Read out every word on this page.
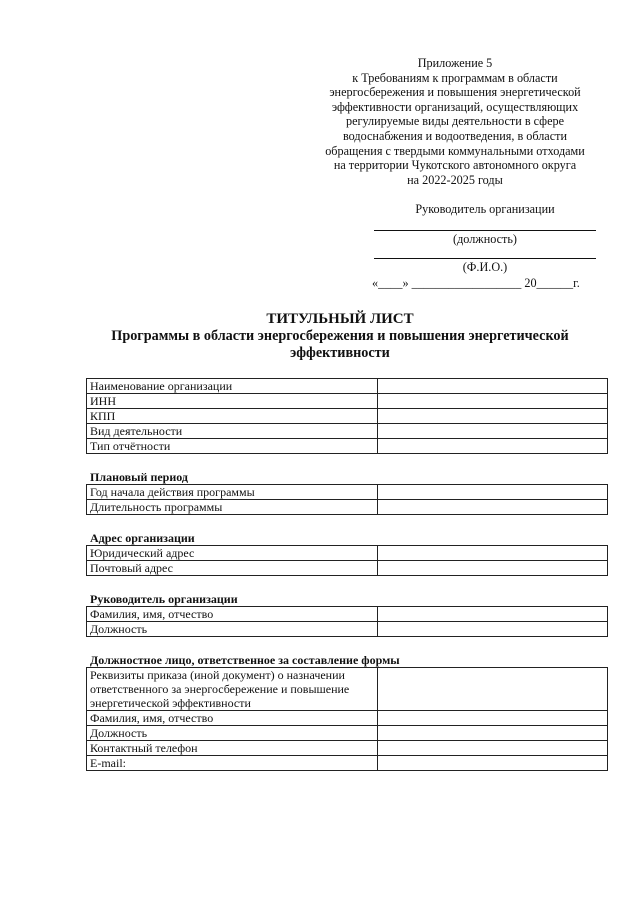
Приложение 5
к Требованиям к программам в области
энергосбережения и повышения энергетической
эффективности организаций, осуществляющих
регулируемые виды деятельности в сфере
водоснабжения и водоотведения, в области
обращения с твердыми коммунальными отходами
на территории Чукотского автономного округа
на 2022-2025 годы
Руководитель организации
(должность)
(Ф.И.О.)
«____» __________________ 20______г.
ТИТУЛЬНЫЙ ЛИСТ
Программы в области энергосбережения и повышения энергетической эффективности
Наименование организации	
ИНН	
КПП	
Вид деятельности	
Тип отчётности	
Плановый период
Год начала действия программы	
Длительность программы	
Адрес организации
Юридический адрес	
Почтовый адрес	
Руководитель организации
Фамилия, имя, отчество	
Должность	
Должностное лицо, ответственное за составление формы
Реквизиты приказа (иной документ) о назначении ответственного за энергосбережение и повышение энергетической эффективности	
Фамилия, имя, отчество	
Должность	
Контактный телефон	
E-mail:	
